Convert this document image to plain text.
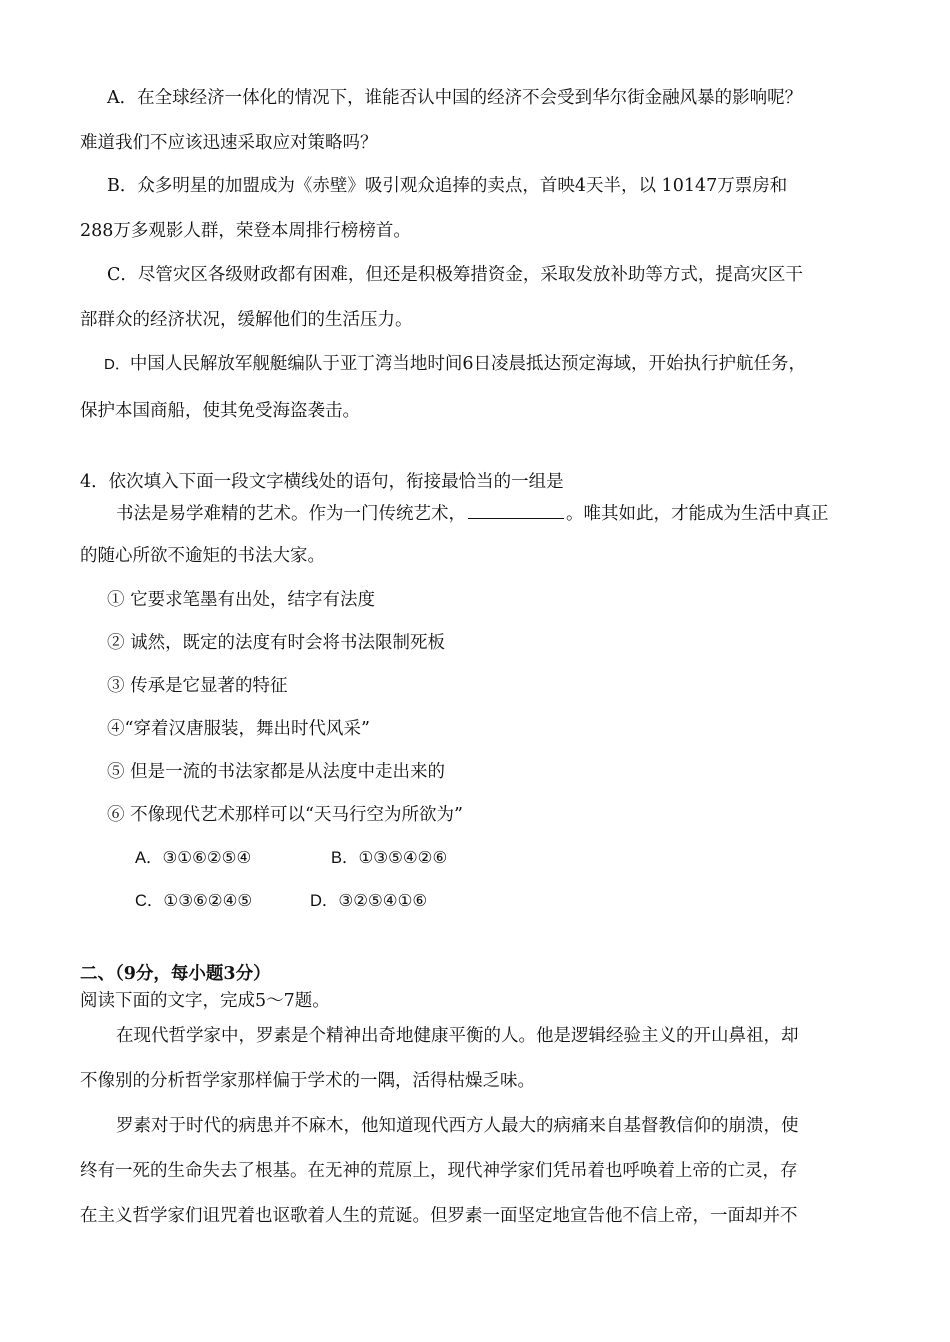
A．在全球经济一体化的情况下，谁能否认中国的经济不会受到华尔街金融风暴的影响呢？
难道我们不应该迅速采取应对策略吗？
B．众多明星的加盟成为《赤壁》吸引观众追捧的卖点，首映4天半，以 10147万票房和
288万多观影人群，荣登本周排行榜榜首。
C．尽管灾区各级财政都有困难，但还是积极筹措资金，采取发放补助等方式，提高灾区干
部群众的经济状况，缓解他们的生活压力。
D．中国人民解放军舰艇编队于亚丁湾当地时间6日凌晨抵达预定海域，开始执行护航任务，
保护本国商船，使其免受海盗袭击。
4．依次填入下面一段文字横线处的语句，衔接最恰当的一组是
书法是易学难精的艺术。作为一门传统艺术，	。唯其如此，才能成为生活中真正
的随心所欲不逾矩的书法大家。
① 它要求笔墨有出处，结字有法度
② 诚然，既定的法度有时会将书法限制死板
③ 传承是它显著的特征
④“穿着汉唐服装，舞出时代风采”
⑤ 但是一流的书法家都是从法度中走出来的
⑥ 不像现代艺术那样可以“天马行空为所欲为”
A．③①⑥②⑤④	B．①③⑤④②⑥
C．①③⑥②④⑤	D．③②⑤④①⑥
二、（9分，每小题3分）
阅读下面的文字，完成5～7题。
在现代哲学家中，罗素是个精神出奇地健康平衡的人。他是逻辑经验主义的开山鼻祖，却
不像别的分析哲学家那样偏于学术的一隅，活得枯燥乏味。
罗素对于时代的病患并不麻木，他知道现代西方人最大的病痛来自基督教信仰的崩溃，使
终有一死的生命失去了根基。在无神的荒原上，现代神学家们凭吊着也呼唤着上帝的亡灵，存
在主义哲学家们诅咒着也讴歌着人生的荒诞。但罗素一面坚定地宣告他不信上帝，一面却并不
